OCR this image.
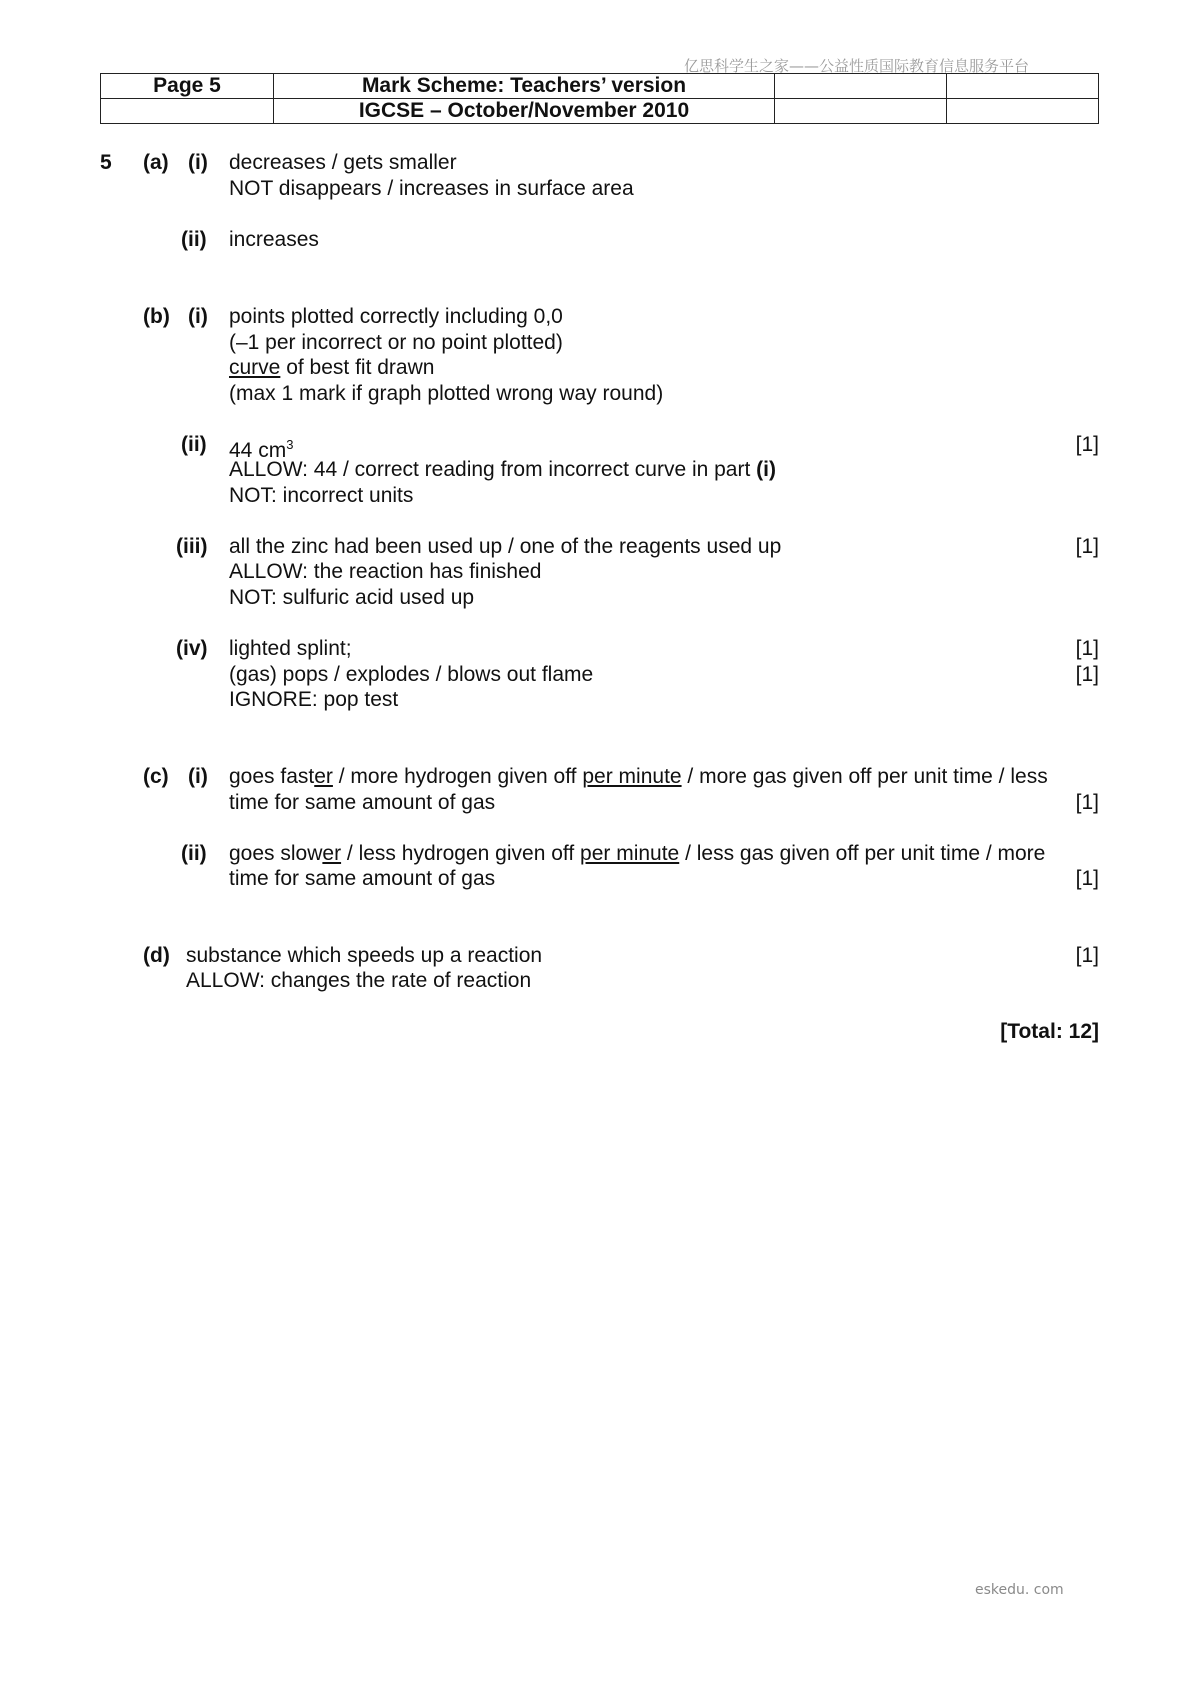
亿思科学生之家——公益性质国际教育信息服务平台
Page 5	Mark Scheme: Teachers’ version		
	IGCSE – October/November 2010		
5 (a) (i) decreases / gets smaller
NOT disappears / increases in surface area
(ii) increases
(b) (i) points plotted correctly including 0,0
(–1 per incorrect or no point plotted)
curve of best fit drawn
(max 1 mark if graph plotted wrong way round)
(ii) 44 $cm^3$	[1]
ALLOW: 44 / correct reading from incorrect curve in part (i)
NOT: incorrect units
(iii) all the zinc had been used up / one of the reagents used up	[1]
ALLOW: the reaction has finished
NOT: sulfuric acid used up
(iv) lighted splint;	[1]
(gas) pops / explodes / blows out flame	[1]
IGNORE: pop test
(c) (i) goes faster / more hydrogen given off per minute / more gas given off per unit time / less
time for same amount of gas	[1]
(ii) goes slower / less hydrogen given off per minute / less gas given off per unit time / more
time for same amount of gas	[1]
(d) substance which speeds up a reaction	[1]
ALLOW: changes the rate of reaction
[Total: 12]
eskedu. com
